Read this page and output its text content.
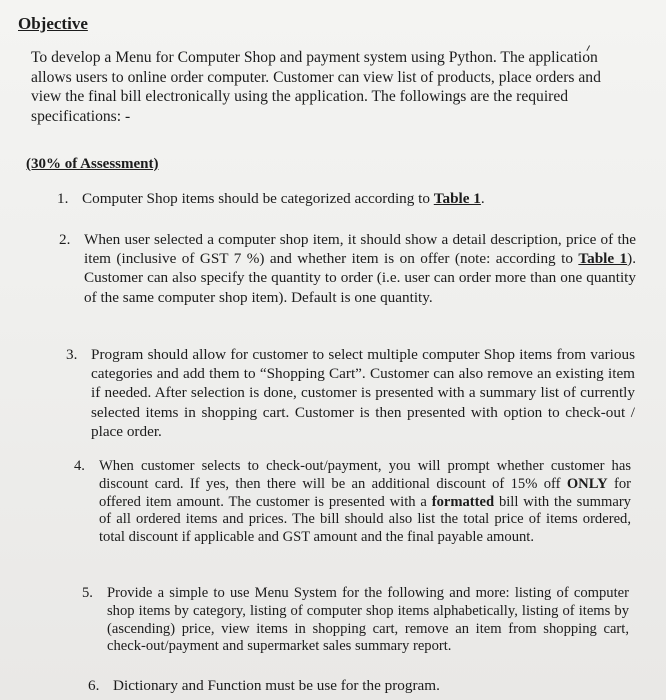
Objective

To develop a Menu for Computer Shop and payment system using Python. The application allows users to online order computer. Customer can view list of products, place orders and view the final bill electronically using the application. The followings are the required specifications: -

(30% of Assessment)

1. Computer Shop items should be categorized according to Table 1.

2. When user selected a computer shop item, it should show a detail description, price of the item (inclusive of GST 7 %) and whether item is on offer (note: according to Table 1). Customer can also specify the quantity to order (i.e. user can order more than one quantity of the same computer shop item). Default is one quantity.

3. Program should allow for customer to select multiple computer Shop items from various categories and add them to “Shopping Cart”. Customer can also remove an existing item if needed. After selection is done, customer is presented with a summary list of currently selected items in shopping cart. Customer is then presented with option to check-out / place order.

4. When customer selects to check-out/payment, you will prompt whether customer has discount card. If yes, then there will be an additional discount of 15% off ONLY for offered item amount. The customer is presented with a formatted bill with the summary of all ordered items and prices. The bill should also list the total price of items ordered, total discount if applicable and GST amount and the final payable amount.

5. Provide a simple to use Menu System for the following and more: listing of computer shop items by category, listing of computer shop items alphabetically, listing of items by (ascending) price, view items in shopping cart, remove an item from shopping cart, check-out/payment and supermarket sales summary report.

6. Dictionary and Function must be use for the program.
